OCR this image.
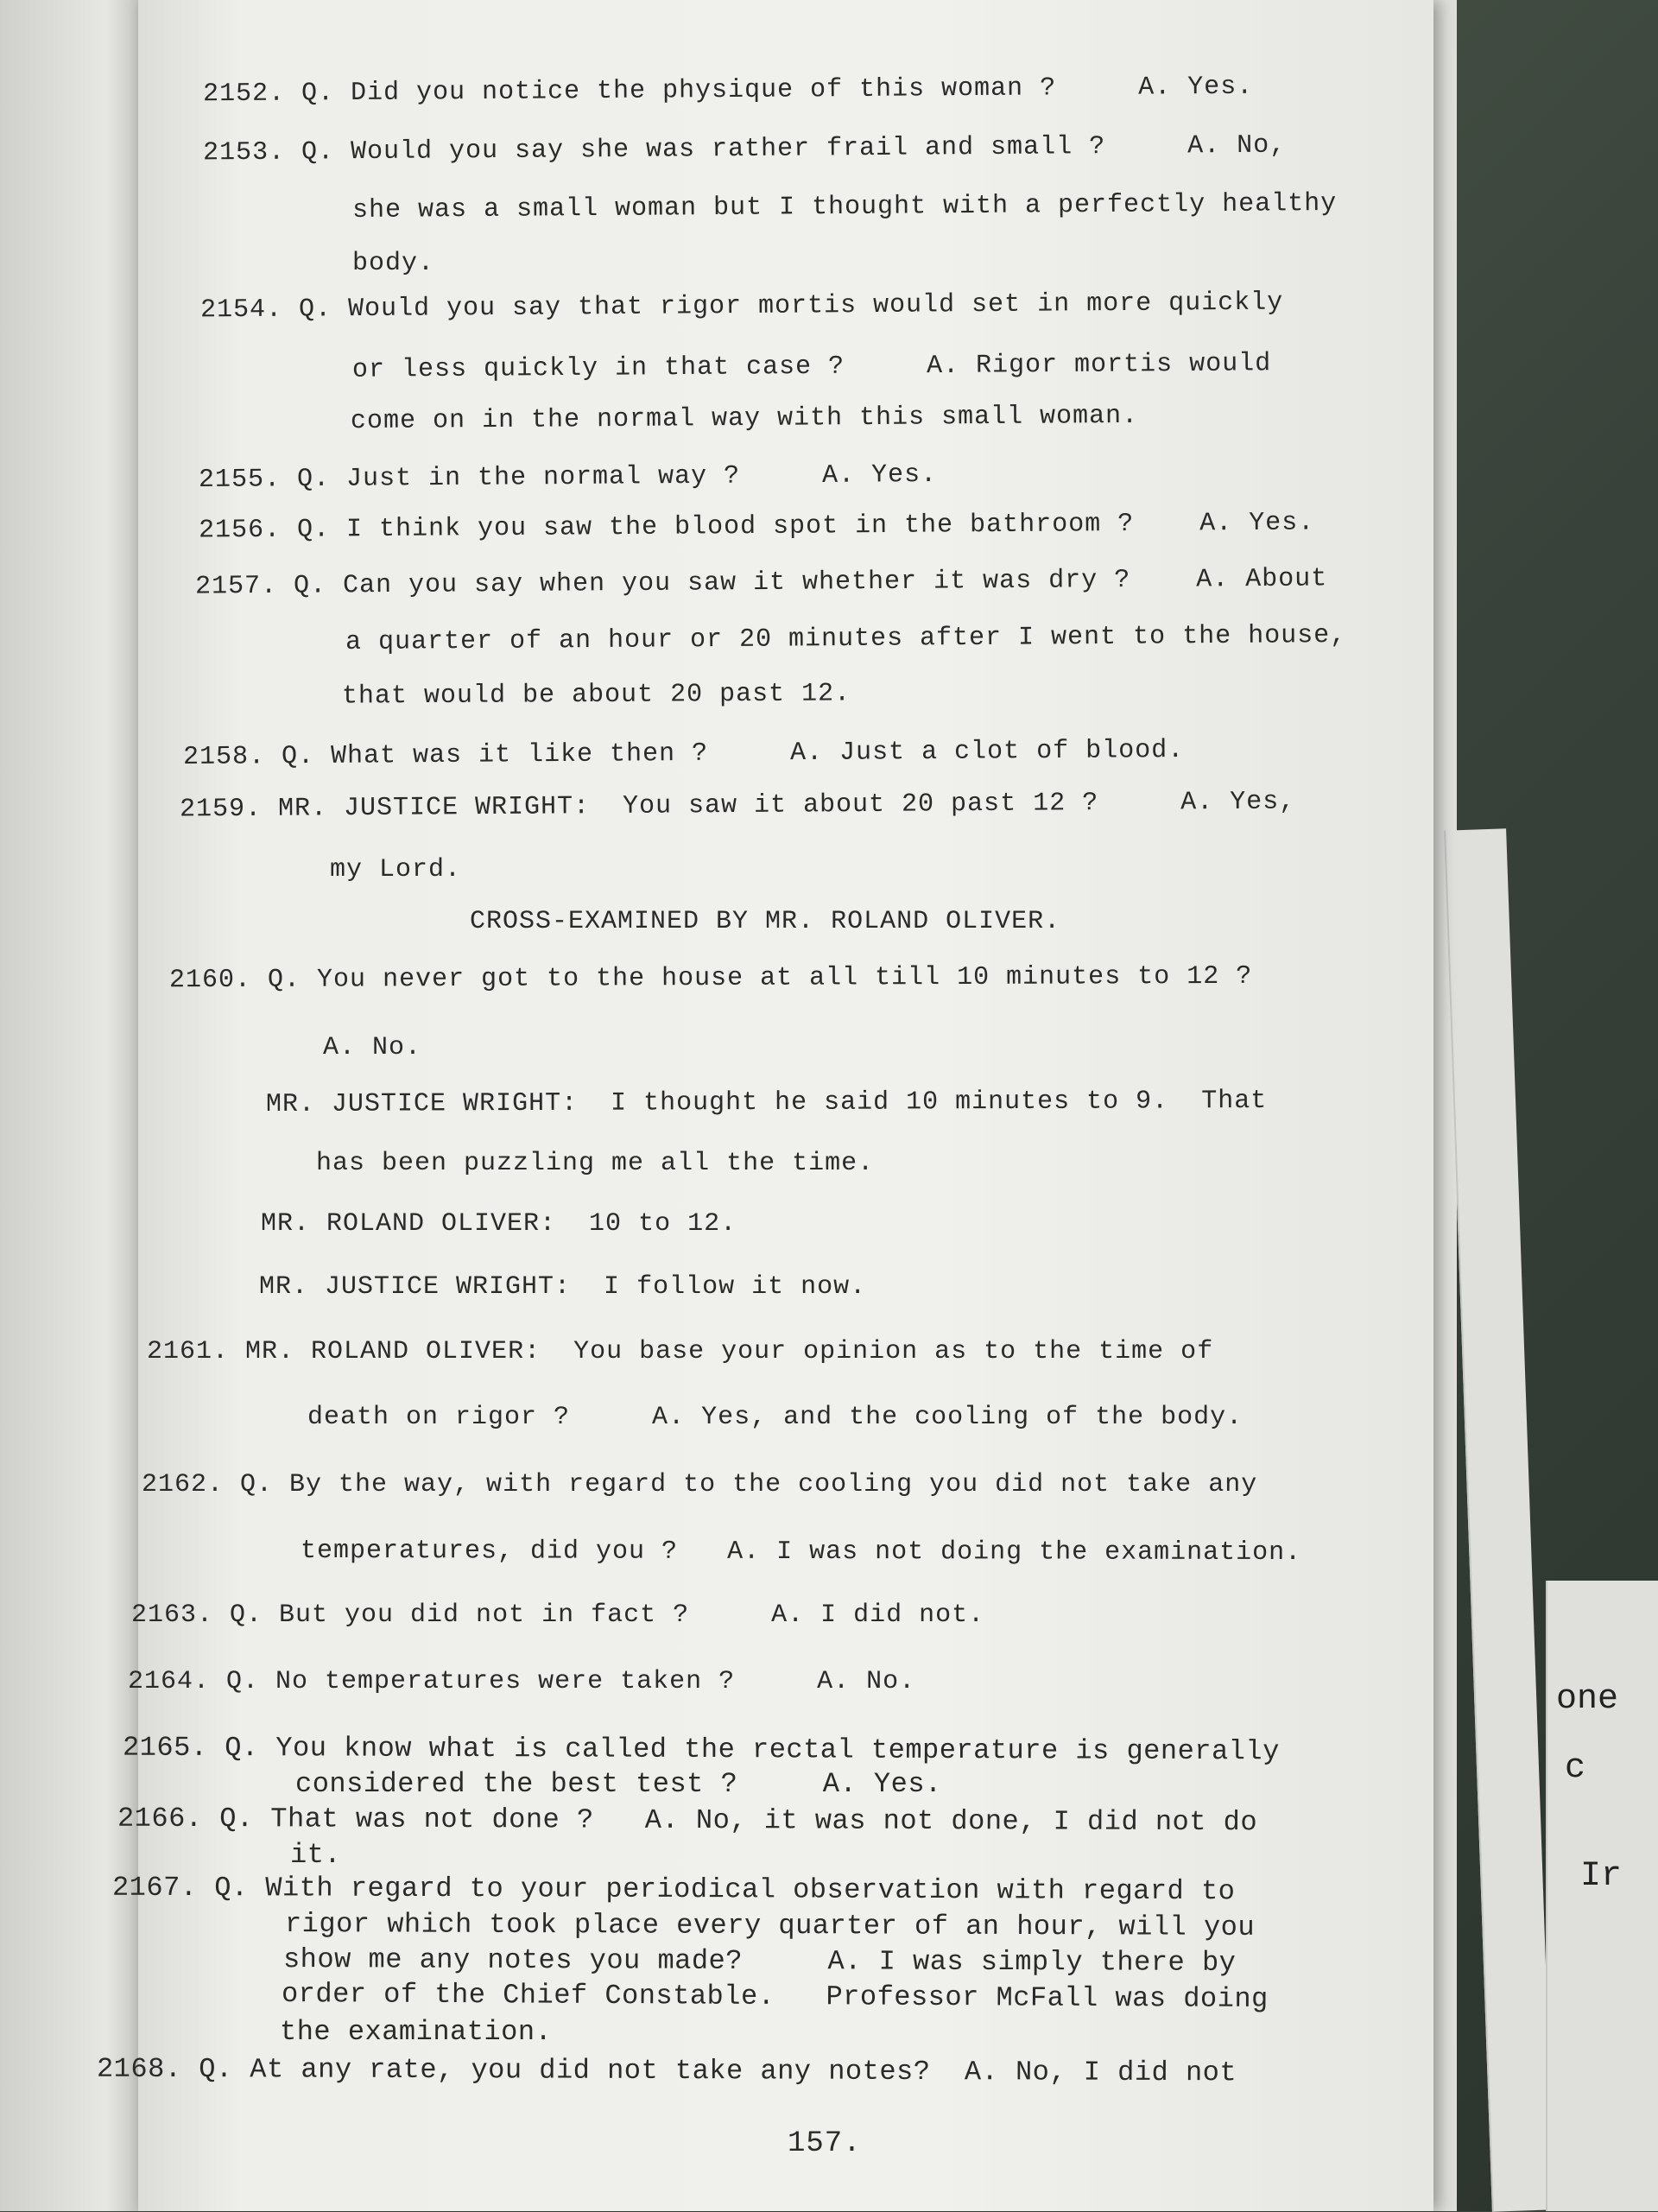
one
c
Ir

2152. Q. Did you notice the physique of this woman ?     A. Yes.

2153. Q. Would you say she was rather frail and small ?     A. No,

she was a small woman but I thought with a perfectly healthy

body.

2154. Q. Would you say that rigor mortis would set in more quickly

or less quickly in that case ?     A. Rigor mortis would

come on in the normal way with this small woman.

2155. Q. Just in the normal way ?     A. Yes.

2156. Q. I think you saw the blood spot in the bathroom ?    A. Yes.

2157. Q. Can you say when you saw it whether it was dry ?    A. About

a quarter of an hour or 20 minutes after I went to the house,

that would be about 20 past 12.

2158. Q. What was it like then ?     A. Just a clot of blood.

2159. MR. JUSTICE WRIGHT:  You saw it about 20 past 12 ?     A. Yes,

my Lord.

CROSS-EXAMINED BY MR. ROLAND OLIVER.

2160. Q. You never got to the house at all till 10 minutes to 12 ?

A. No.

MR. JUSTICE WRIGHT:  I thought he said 10 minutes to 9.  That

has been puzzling me all the time.

MR. ROLAND OLIVER:  10 to 12.

MR. JUSTICE WRIGHT:  I follow it now.

2161. MR. ROLAND OLIVER:  You base your opinion as to the time of

death on rigor ?     A. Yes, and the cooling of the body.

2162. Q. By the way, with regard to the cooling you did not take any

temperatures, did you ?   A. I was not doing the examination.

2163. Q. But you did not in fact ?     A. I did not.

2164. Q. No temperatures were taken ?     A. No.

2165. Q. You know what is called the rectal temperature is generally

considered the best test ?     A. Yes.

2166. Q. That was not done ?   A. No, it was not done, I did not do

it.

2167. Q. With regard to your periodical observation with regard to

rigor which took place every quarter of an hour, will you

show me any notes you made?     A. I was simply there by

order of the Chief Constable.   Professor McFall was doing

the examination.

2168. Q. At any rate, you did not take any notes?  A. No, I did not

157.
